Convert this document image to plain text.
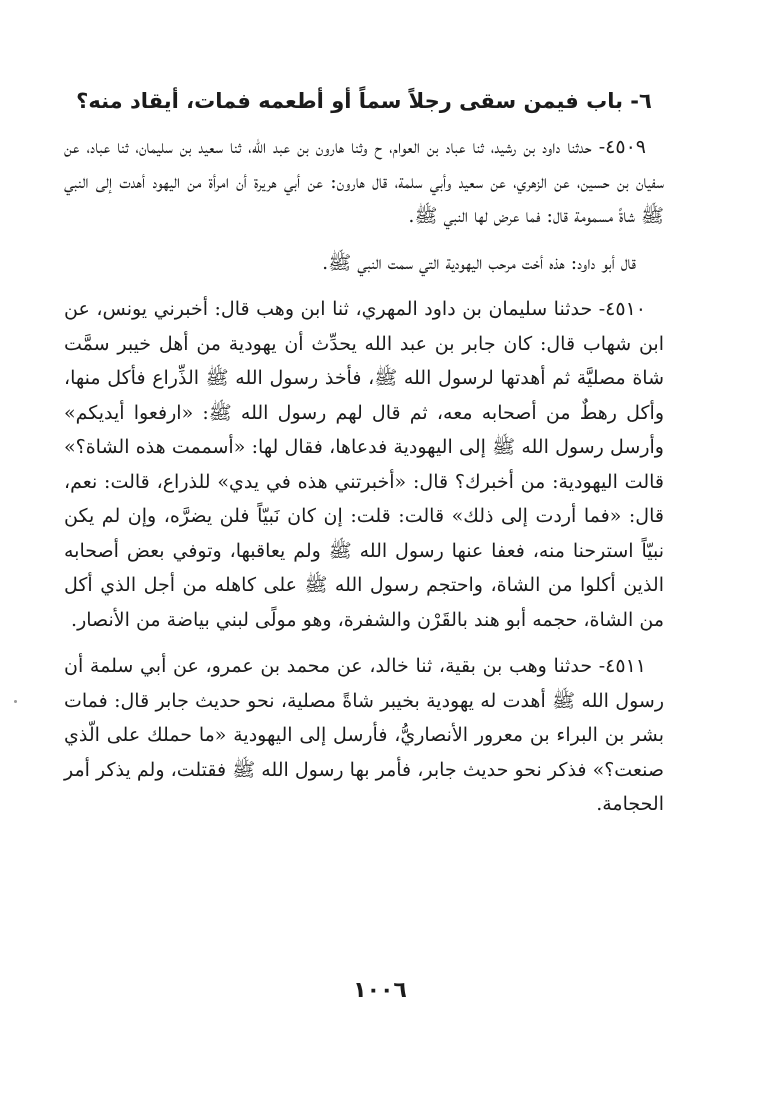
٦- باب فيمن سقى رجلاً سماً أو أطعمه فمات، أيقاد منه؟

٤٥٠٩- حدثنا داود بن رشيد، ثنا عباد بن العوام، ح وثنا هارون بن عبد الله، ثنا سعيد بن سليمان، ثنا عباد، عن سفيان بن حسين، عن الزهري، عن سعيد وأبي سلمة، قال هارون: عن أبي هريرة أن امرأة من اليهود أهدت إلى النبي ﷺ شاةً مسمومة قال: فما عرض لها النبي ﷺ.

قال أبو داود: هذه أخت مرحب اليهودية التي سمت النبي ﷺ.

٤٥١٠- حدثنا سليمان بن داود المهري، ثنا ابن وهب قال: أخبرني يونس، عن ابن شهاب قال: كان جابر بن عبد الله يحدِّث أن يهودية من أهل خيبر سمَّت شاة مصليَّة ثم أهدتها لرسول الله ﷺ، فأخذ رسول الله ﷺ الذِّراع فأكل منها، وأكل رهطٌ من أصحابه معه، ثم قال لهم رسول الله ﷺ: «ارفعوا أيديكم» وأرسل رسول الله ﷺ إلى اليهودية فدعاها، فقال لها: «أسممت هذه الشاة؟» قالت اليهودية: من أخبرك؟ قال: «أخبرتني هذه في يدي» للذراع، قالت: نعم، قال: «فما أردت إلى ذلك» قالت: قلت: إن كان نَبيّاً فلن يضرَّه، وإن لم يكن نبيّاً استرحنا منه، فعفا عنها رسول الله ﷺ ولم يعاقبها، وتوفي بعض أصحابه الذين أكلوا من الشاة، واحتجم رسول الله ﷺ على كاهله من أجل الذي أكل من الشاة، حجمه أبو هند بالقَرْن والشفرة، وهو مولًى لبني بياضة من الأنصار.

٤٥١١- حدثنا وهب بن بقية، ثنا خالد، عن محمد بن عمرو، عن أبي سلمة أن رسول الله ﷺ أهدت له يهودية بخيبر شاةً مصلية، نحو حديث جابر قال: فمات بشر بن البراء بن معرور الأنصاريُّ، فأرسل إلى اليهودية «ما حملك على الّذي صنعت؟» فذكر نحو حديث جابر، فأمر بها رسول الله ﷺ فقتلت، ولم يذكر أمر الحجامة.

١٠٠٦
